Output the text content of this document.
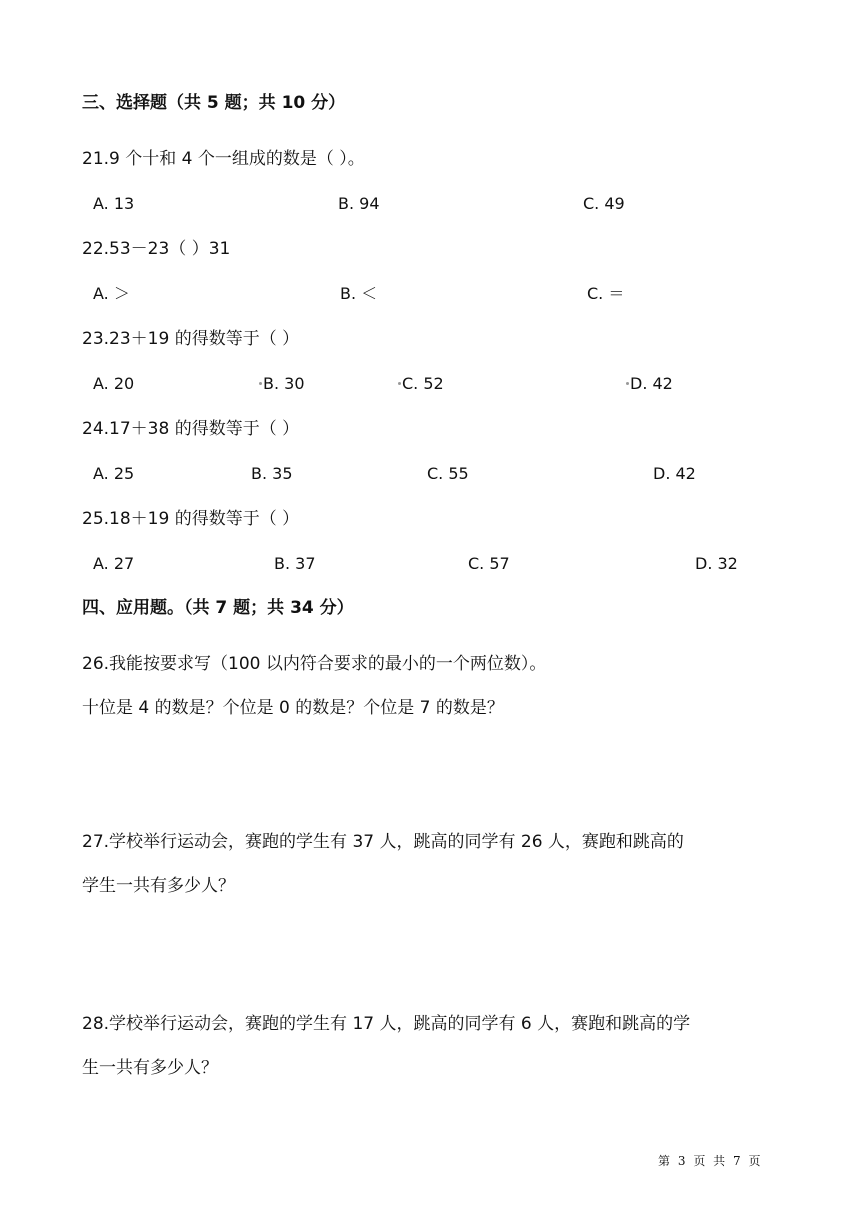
三、选择题（共 5 题；共 10 分）
21.9 个十和 4 个一组成的数是（ ）。
A. 13	B. 94	C. 49
22.53－23（ ）31
A. ＞	B. ＜	C. ＝
23.23＋19 的得数等于（ ）
A. 20	B. 30	C. 52	D. 42
24.17＋38 的得数等于（ ）
A. 25	B. 35	C. 55	D. 42
25.18＋19 的得数等于（ ）
A. 27	B. 37	C. 57	D. 32
四、应用题。（共 7 题；共 34 分）
26.我能按要求写（100 以内符合要求的最小的一个两位数）。
十位是 4 的数是？个位是 0 的数是？个位是 7 的数是？
27.学校举行运动会，赛跑的学生有 37 人，跳高的同学有 26 人，赛跑和跳高的
学生一共有多少人？
28.学校举行运动会，赛跑的学生有 17 人，跳高的同学有 6 人，赛跑和跳高的学
生一共有多少人？
第 3 页 共 7 页
